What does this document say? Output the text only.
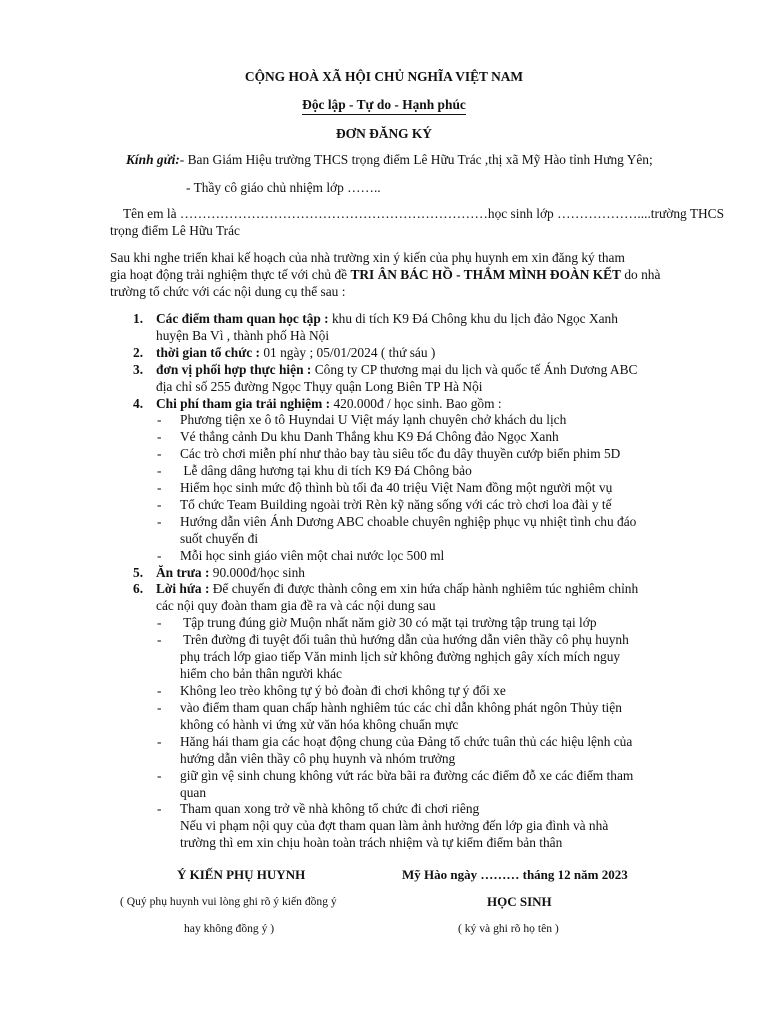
CỘNG HOÀ XÃ HỘI CHỦ NGHĨA VIỆT NAM
Độc lập - Tự do - Hạnh phúc
ĐƠN ĐĂNG KÝ
Kính gửi:- Ban Giám Hiệu trường THCS trọng điểm Lê Hữu Trác ,thị xã Mỹ Hào tỉnh Hưng Yên;
- Thầy cô giáo chủ nhiệm lớp ……..
Tên em là ……………………………………………………………học sinh lớp ………………....trường THCS
trọng điểm Lê Hữu Trác
Sau khi nghe triển khai kế hoạch của nhà trường xin ý kiến của phụ huynh em xin đăng ký tham
gia hoạt động trải nghiệm thực tế với chủ đề TRI ÂN BÁC HỒ - THẮM MÌNH ĐOÀN KẾT do nhà
trường tổ chức với các nội dung cụ thể sau :
1. Các điểm tham quan học tập : khu di tích K9 Đá Chông khu du lịch đảo Ngọc Xanh
huyện Ba Vì , thành phố Hà Nội
2. thời gian tổ chức : 01 ngày ; 05/01/2024 ( thứ sáu )
3. đơn vị phối hợp thực hiện : Công ty CP thương mại du lịch và quốc tế Ánh Dương ABC
địa chỉ số 255 đường Ngọc Thụy quận Long Biên TP Hà Nội
4. Chi phí tham gia trải nghiệm : 420.000đ / học sinh. Bao gồm :
- Phương tiện xe ô tô Huyndai U Việt máy lạnh chuyên chở khách du lịch
- Vé thắng cảnh Du khu Danh Thắng khu K9 Đá Chông đảo Ngọc Xanh
- Các trò chơi miễn phí như thảo bay tàu siêu tốc đu dây thuyền cướp biển phim 5D
- Lễ dâng dâng hương tại khu di tích K9 Đá Chông bảo
- Hiểm học sinh mức độ thình bù tối đa 40 triệu Việt Nam đồng một người một vụ
- Tổ chức Team Building ngoài trời Rèn kỹ năng sống với các trò chơi loa đài y tế
- Hướng dẫn viên Ánh Dương ABC choable chuyên nghiệp phục vụ nhiệt tình chu đáo
suốt chuyến đi
- Mỗi học sinh giáo viên một chai nước lọc 500 ml
5. Ăn trưa : 90.000đ/học sinh
6. Lời hứa : Để chuyến đi được thành công em xin hứa chấp hành nghiêm túc nghiêm chỉnh
các nội quy đoàn tham gia đề ra và các nội dung sau
- Tập trung đúng giờ Muộn nhất năm giờ 30 có mặt tại trường tập trung tại lớp
- Trên đường đi tuyệt đối tuân thủ hướng dẫn của hướng dẫn viên thầy cô phụ huynh
phụ trách lớp giao tiếp Văn minh lịch sử không đường nghịch gây xích mích nguy
hiểm cho bản thân người khác
- Không leo trèo không tự ý bỏ đoàn đi chơi không tự ý đổi xe
- vào điểm tham quan chấp hành nghiêm túc các chỉ dẫn không phát ngôn Thủy tiện
không có hành vi ứng xử văn hóa không chuẩn mực
- Hăng hái tham gia các hoạt động chung của Đảng tổ chức tuân thủ các hiệu lệnh của
hướng dẫn viên thầy cô phụ huynh và nhóm trưởng
- giữ gìn vệ sinh chung không vứt rác bừa bãi ra đường các điểm đỗ xe các điểm tham
quan
- Tham quan xong trở về nhà không tổ chức đi chơi riêng
Nếu vi phạm nội quy của đợt tham quan làm ảnh hưởng đến lớp gia đình và nhà
trường thì em xin chịu hoàn toàn trách nhiệm và tự kiểm điểm bản thân
Ý KIẾN PHỤ HUYNH	Mỹ Hào ngày ……… tháng 12 năm 2023
( Quý phụ huynh vui lòng ghi rõ ý kiến đồng ý	HỌC SINH
hay không đồng ý )	( ký và ghi rõ họ tên )
